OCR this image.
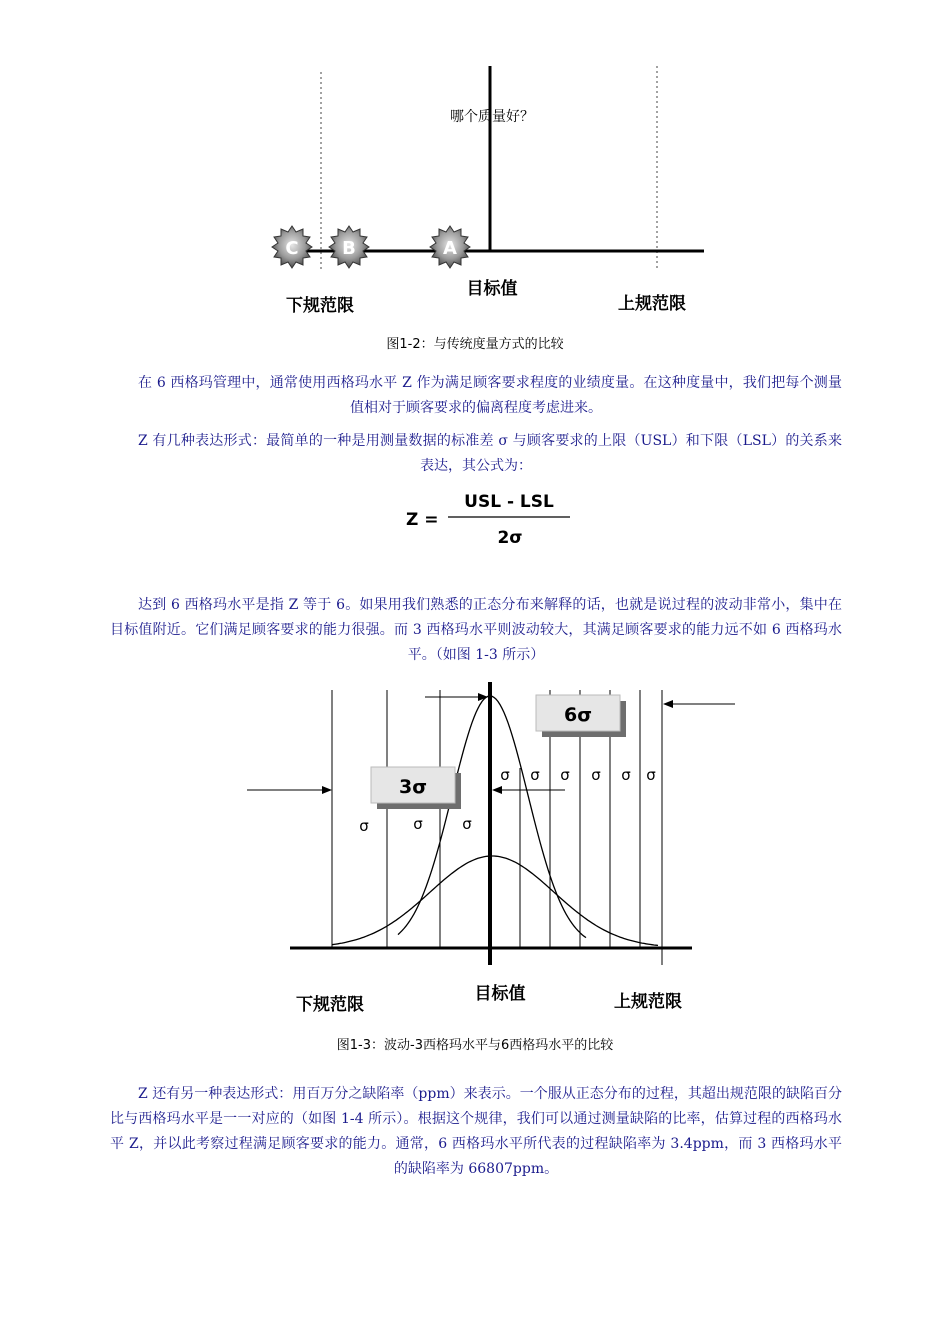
C B	A
哪个质量好？
目标值
下规范限	上规范限
图1-2：与传统度量方式的比较

在 6 西格玛管理中，通常使用西格玛水平 Z 作为满足顾客要求程度的业绩度量。在这种度量中，我们把每个测量值相对于顾客要求的偏离程度考虑进来。

Z 有几种表达形式：最简单的一种是用测量数据的标准差 σ 与顾客要求的上限（USL）和下限（LSL）的关系来表达，其公式为：

Z =
USL - LSL
2σ

达到 6 西格玛水平是指 Z 等于 6。如果用我们熟悉的正态分布来解释的话，也就是说过程的波动非常小，集中在目标值附近。它们满足顾客要求的能力很强。而 3 西格玛水平则波动较大，其满足顾客要求的能力远不如 6 西格玛水平。（如图 1-3 所示）

6σ
3σ
σ σ σ σ σ σ
σ	σ	σ
目标值
下规范限	上规范限
图1-3：波动-3西格玛水平与6西格玛水平的比较

Z 还有另一种表达形式：用百万分之缺陷率（ppm）来表示。一个服从正态分布的过程，其超出规范限的缺陷百分比与西格玛水平是一一对应的（如图 1-4 所示）。根据这个规律，我们可以通过测量缺陷的比率，估算过程的西格玛水平 Z，并以此考察过程满足顾客要求的能力。通常，6 西格玛水平所代表的过程缺陷率为 3.4ppm，而 3 西格玛水平的缺陷率为 66807ppm。
